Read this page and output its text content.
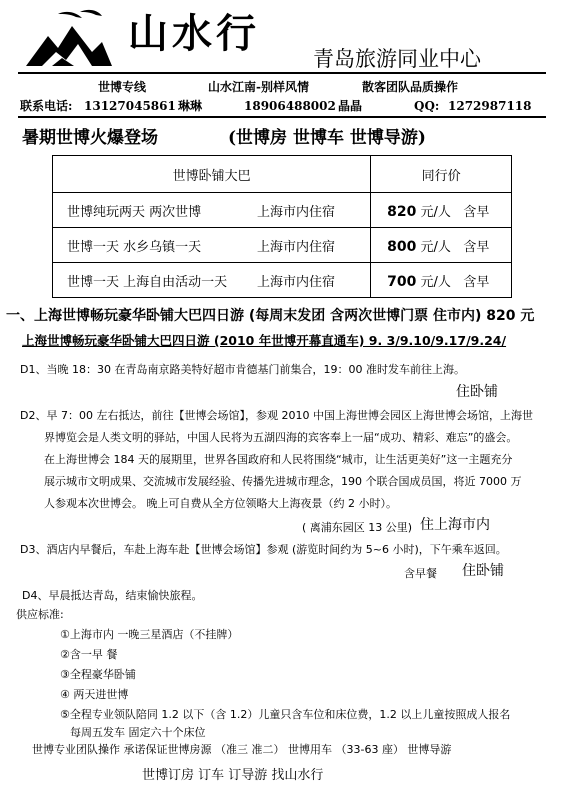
山水行
青岛旅游同业中心
世博专线	山水江南-别样风情	散客团队品质操作
联系电话: 13127045861 琳琳	18906488002 晶晶	QQ: 1272987118
暑期世博火爆登场	(世博房 世博车 世博导游)
世博卧铺大巴	同行价
世博纯玩两天 两次世博 上海市内住宿	820 元/人 含早
世博一天 水乡乌镇一天 上海市内住宿	800 元/人 含早
世博一天 上海自由活动一天 上海市内住宿	700 元/人 含早
一、上海世博畅玩豪华卧铺大巴四日游 (每周末发团 含两次世博门票 住市内) 820 元
上海世博畅玩豪华卧铺大巴四日游 (2010 年世博开幕直通车) 9. 3/9.10/9.17/9.24/
D1、当晚 18：30 在青岛南京路美特好超市肯德基门前集合，19：00 准时发车前往上海。
住卧铺
D2、早 7：00 左右抵达，前往【世博会场馆】，参观 2010 中国上海世博会园区上海世博会场馆，上海世
界博览会是人类文明的驿站，中国人民将为五湖四海的宾客奉上一届“成功、精彩、难忘”的盛会。
在上海世博会 184 天的展期里，世界各国政府和人民将围绕“城市，让生活更美好”这一主题充分
展示城市文明成果、交流城市发展经验、传播先进城市理念，190 个联合国成员国，将近 7000 万
人参观本次世博会。 晚上可自费从全方位领略大上海夜景（约 2 小时）。
( 离浦东园区 13 公里) 住上海市内
D3、酒店内早餐后，车赴上海车赴【世博会场馆】参观 (游览时间约为 5~6 小时)，下午乘车返回。
含早餐 住卧铺
D4、早晨抵达青岛，结束愉快旅程。
供应标准:
①上海市内 一晚三星酒店（不挂牌）
②含一早 餐
③全程豪华卧铺
④ 两天进世博
⑤全程专业领队陪同 1.2 以下（含 1.2）儿童只含车位和床位费，1.2 以上儿童按照成人报名
每周五发车 固定六十个床位
世博专业团队操作 承诺保证世博房源 （准三 准二） 世博用车 （33-63 座） 世博导游
世博订房 订车 订导游 找山水行
